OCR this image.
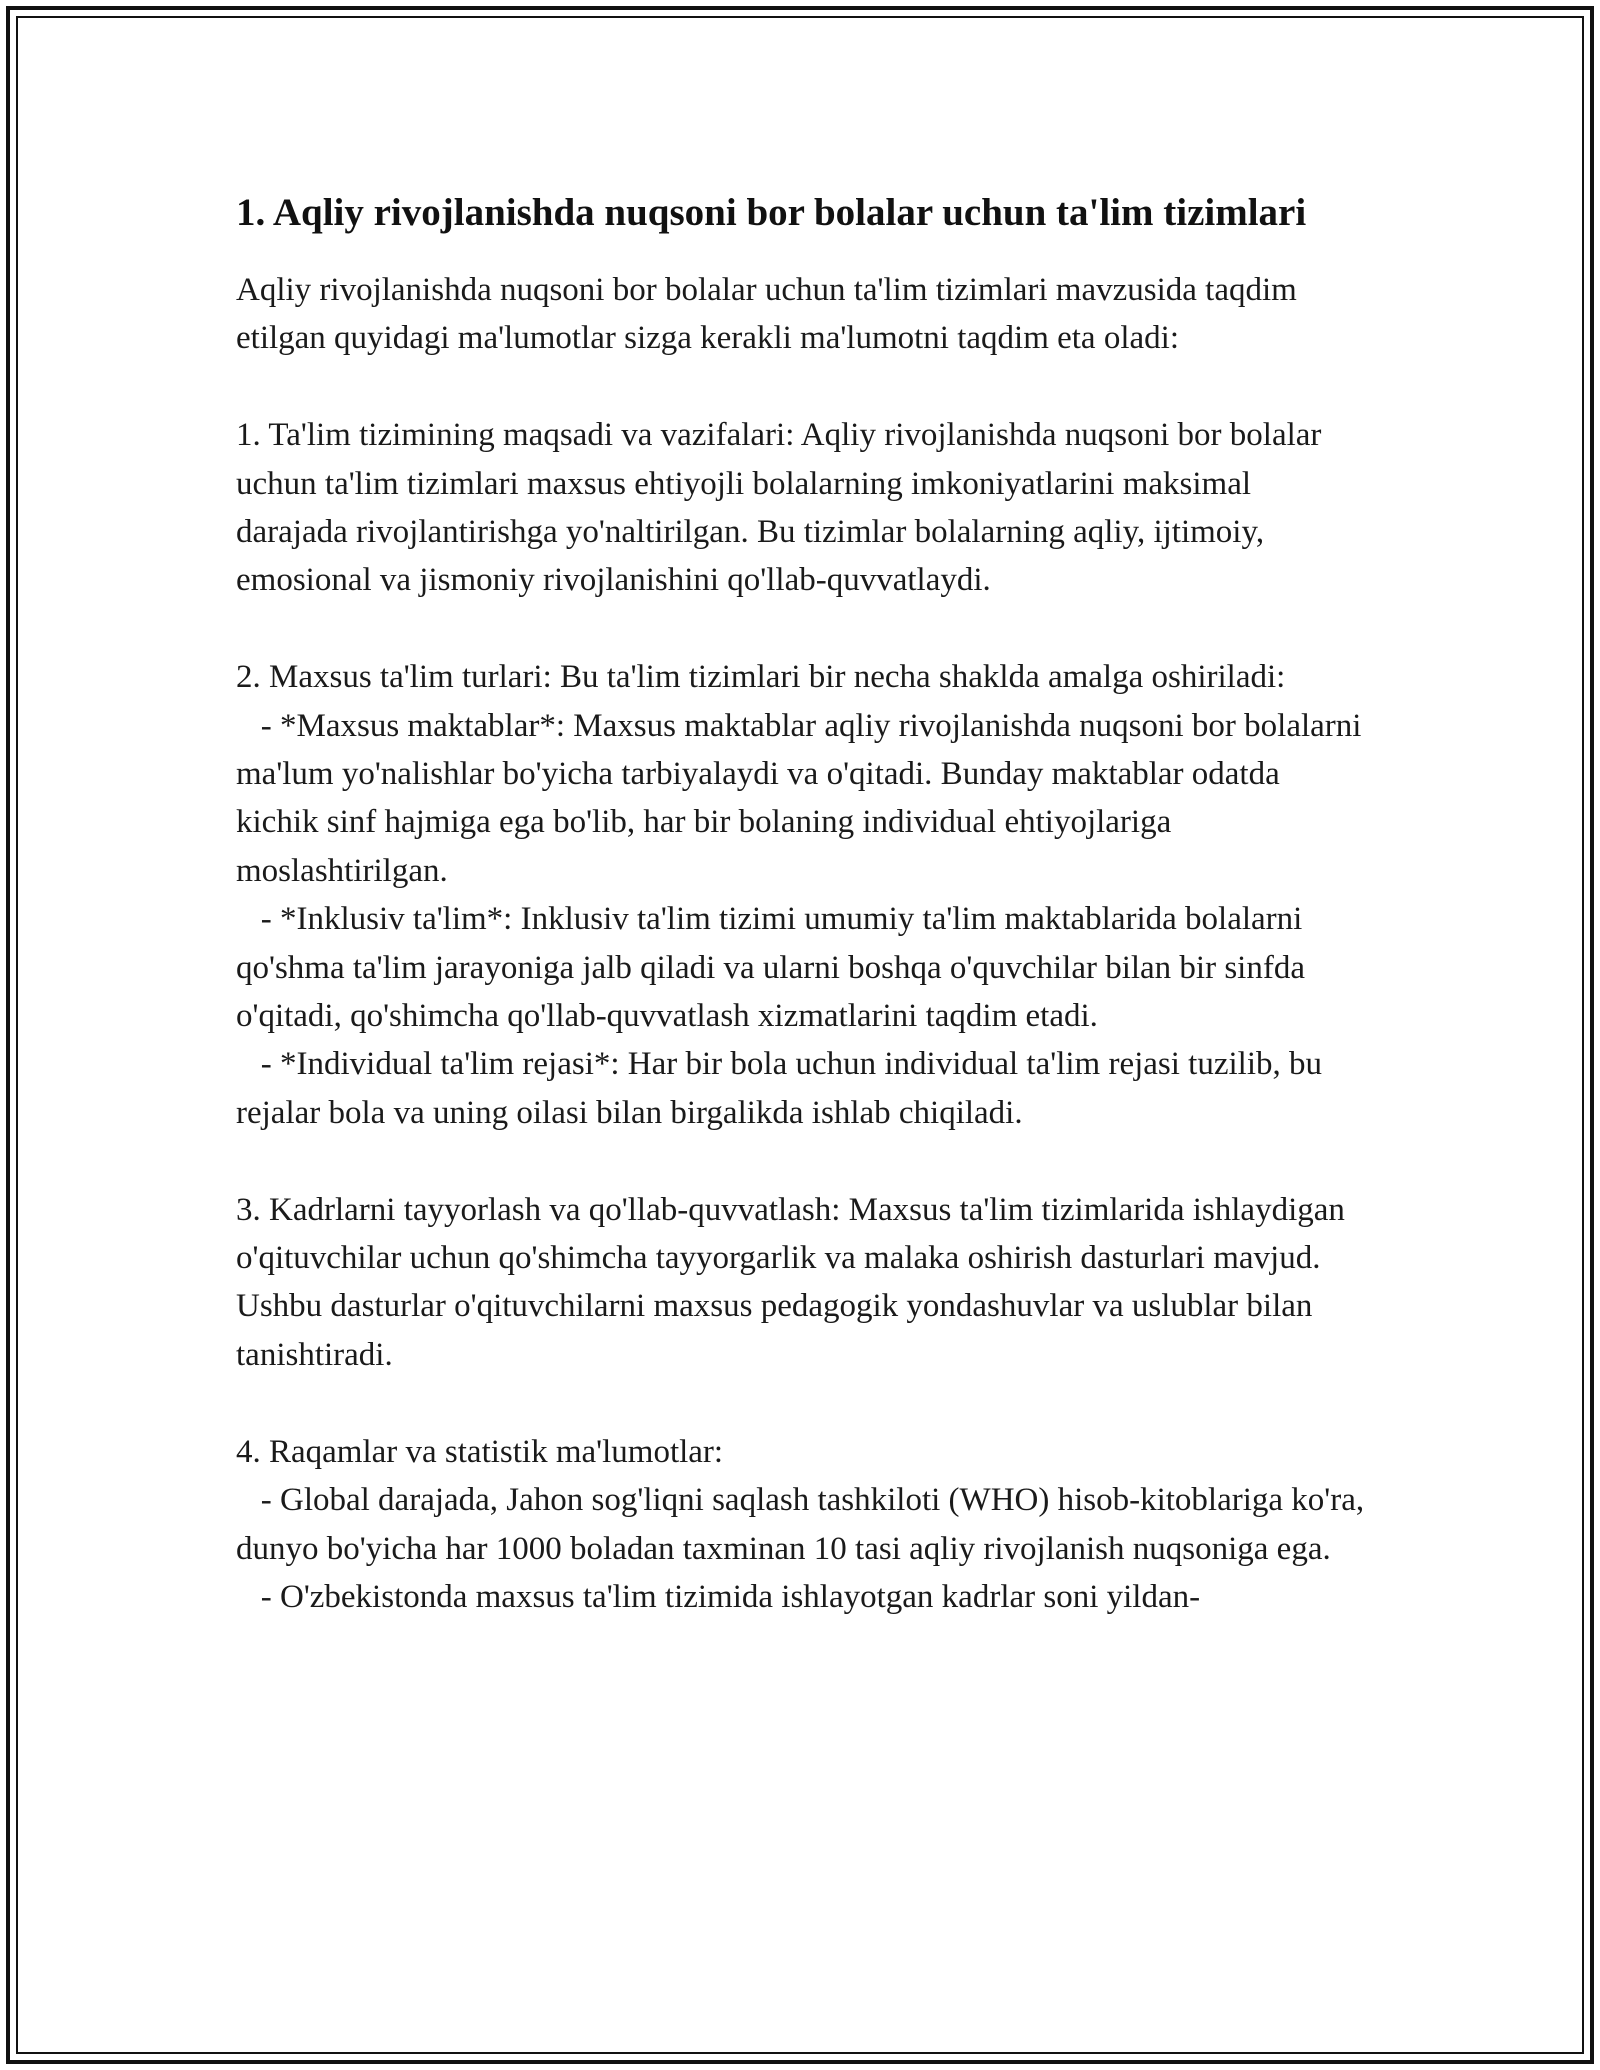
1. Aqliy rivojlanishda nuqsoni bor bolalar uchun ta'lim tizimlari

Aqliy rivojlanishda nuqsoni bor bolalar uchun ta'lim tizimlari mavzusida taqdim etilgan quyidagi ma'lumotlar sizga kerakli ma'lumotni taqdim eta oladi:

1. Ta'lim tizimining maqsadi va vazifalari: Aqliy rivojlanishda nuqsoni bor bolalar uchun ta'lim tizimlari maxsus ehtiyojli bolalarning imkoniyatlarini maksimal darajada rivojlantirishga yo'naltirilgan. Bu tizimlar bolalarning aqliy, ijtimoiy, emosional va jismoniy rivojlanishini qo'llab-quvvatlaydi.

2. Maxsus ta'lim turlari: Bu ta'lim tizimlari bir necha shaklda amalga oshiriladi:

- *Maxsus maktablar*: Maxsus maktablar aqliy rivojlanishda nuqsoni bor bolalarni ma'lum yo'nalishlar bo'yicha tarbiyalaydi va o'qitadi. Bunday maktablar odatda kichik sinf hajmiga ega bo'lib, har bir bolaning individual ehtiyojlariga moslashtirilgan.

- *Inklusiv ta'lim*: Inklusiv ta'lim tizimi umumiy ta'lim maktablarida bolalarni qo'shma ta'lim jarayoniga jalb qiladi va ularni boshqa o'quvchilar bilan bir sinfda o'qitadi, qo'shimcha qo'llab-quvvatlash xizmatlarini taqdim etadi.

- *Individual ta'lim rejasi*: Har bir bola uchun individual ta'lim rejasi tuzilib, bu rejalar bola va uning oilasi bilan birgalikda ishlab chiqiladi.

3. Kadrlarni tayyorlash va qo'llab-quvvatlash: Maxsus ta'lim tizimlarida ishlaydigan o'qituvchilar uchun qo'shimcha tayyorgarlik va malaka oshirish dasturlari mavjud. Ushbu dasturlar o'qituvchilarni maxsus pedagogik yondashuvlar va uslublar bilan tanishtiradi.

4. Raqamlar va statistik ma'lumotlar:

- Global darajada, Jahon sog'liqni saqlash tashkiloti (WHO) hisob-kitoblariga ko'ra, dunyo bo'yicha har 1000 boladan taxminan 10 tasi aqliy rivojlanish nuqsoniga ega.

- O'zbekistonda maxsus ta'lim tizimida ishlayotgan kadrlar soni yildan-
